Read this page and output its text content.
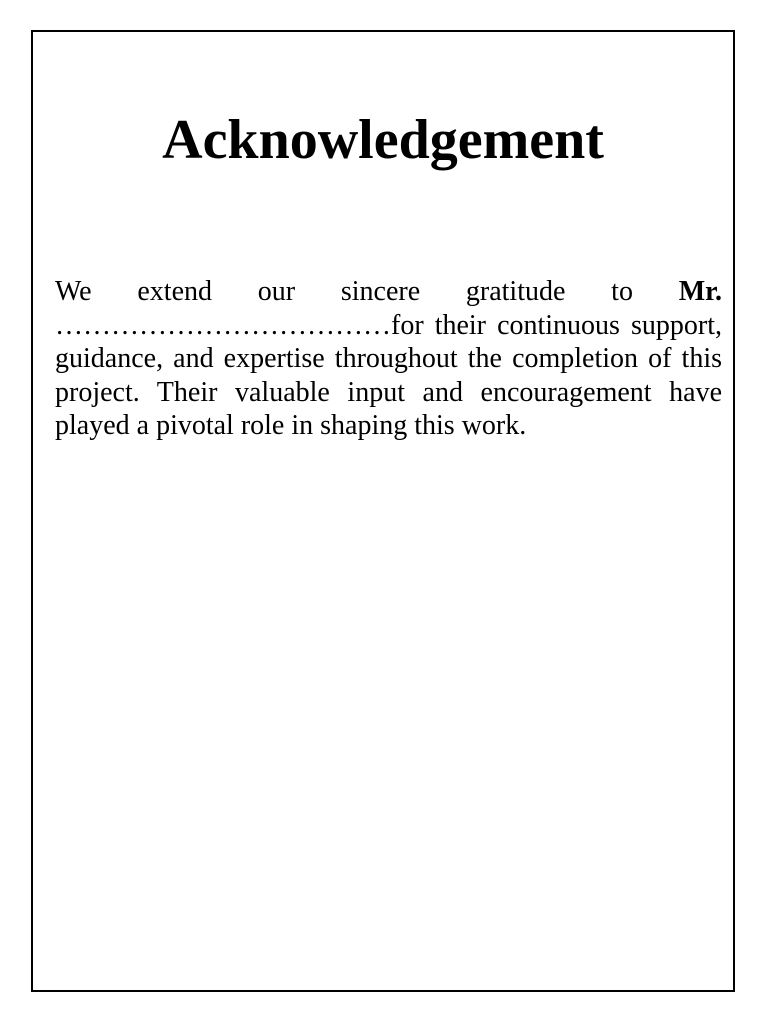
Acknowledgement

We extend our sincere gratitude to Mr. ………………………………for their continuous support, guidance, and expertise throughout the completion of this project. Their valuable input and encouragement have played a pivotal role in shaping this work.
